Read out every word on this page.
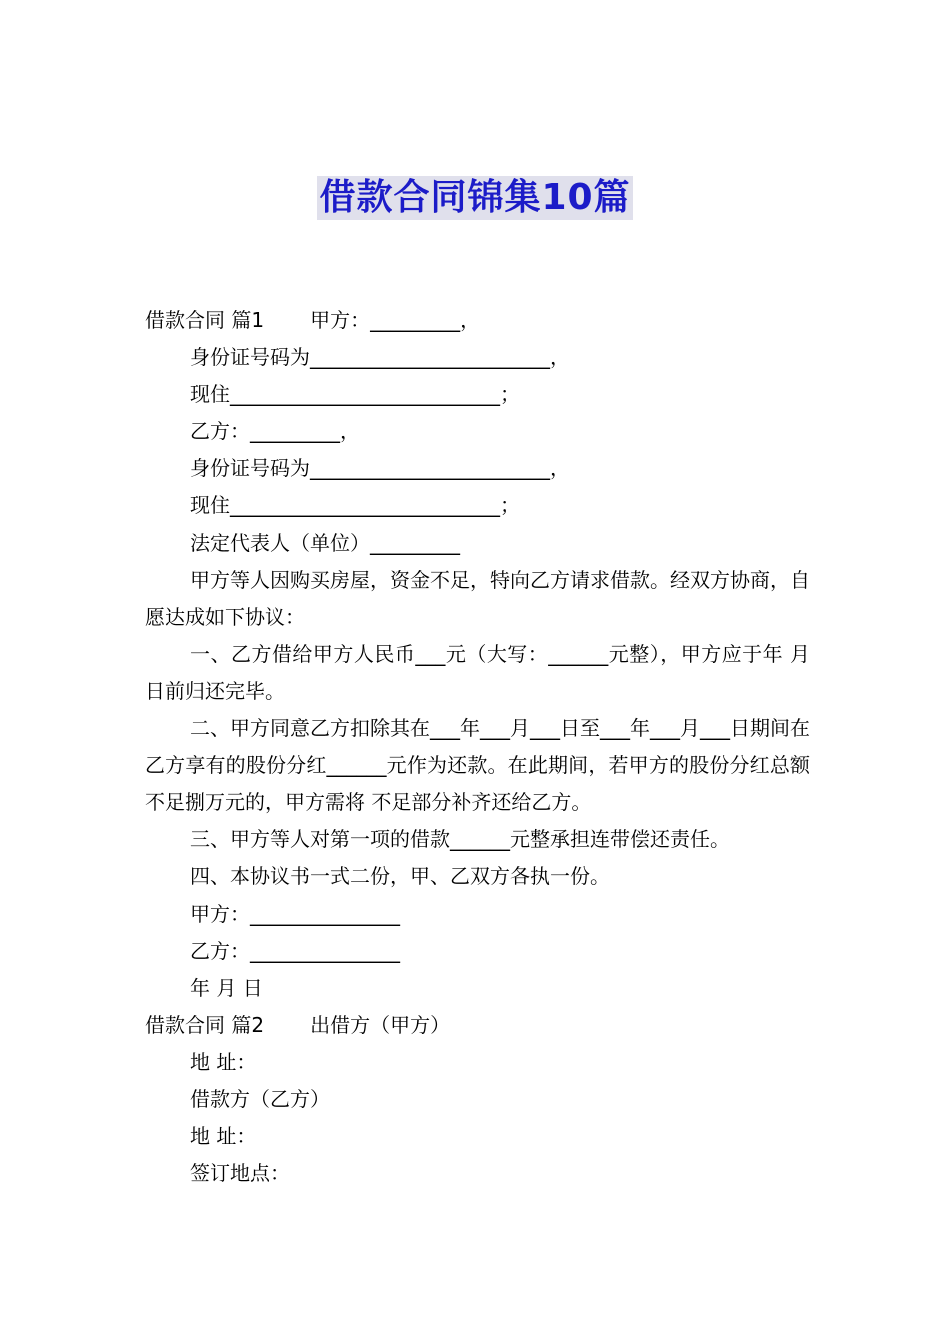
借款合同锦集10篇

借款合同 篇1 甲方：_________，

身份证号码为________________________，

现住___________________________；

乙方：_________，

身份证号码为________________________，

现住___________________________；

法定代表人（单位）_________

甲方等人因购买房屋，资金不足，特向乙方请求借款。经双方协商，自愿达成如下协议：

一、乙方借给甲方人民币___元（大写：______元整），甲方应于年 月 日前归还完毕。

二、甲方同意乙方扣除其在___年___月___日至___年___月___日期间在乙方享有的股份分红______元作为还款。在此期间，若甲方的股份分红总额不足捌万元的，甲方需将 不足部分补齐还给乙方。

三、甲方等人对第一项的借款______元整承担连带偿还责任。

四、本协议书一式二份，甲、乙双方各执一份。

甲方：_______________

乙方：_______________

年 月 日

借款合同 篇2 出借方（甲方）

地 址：

借款方（乙方）

地 址：

签订地点：
